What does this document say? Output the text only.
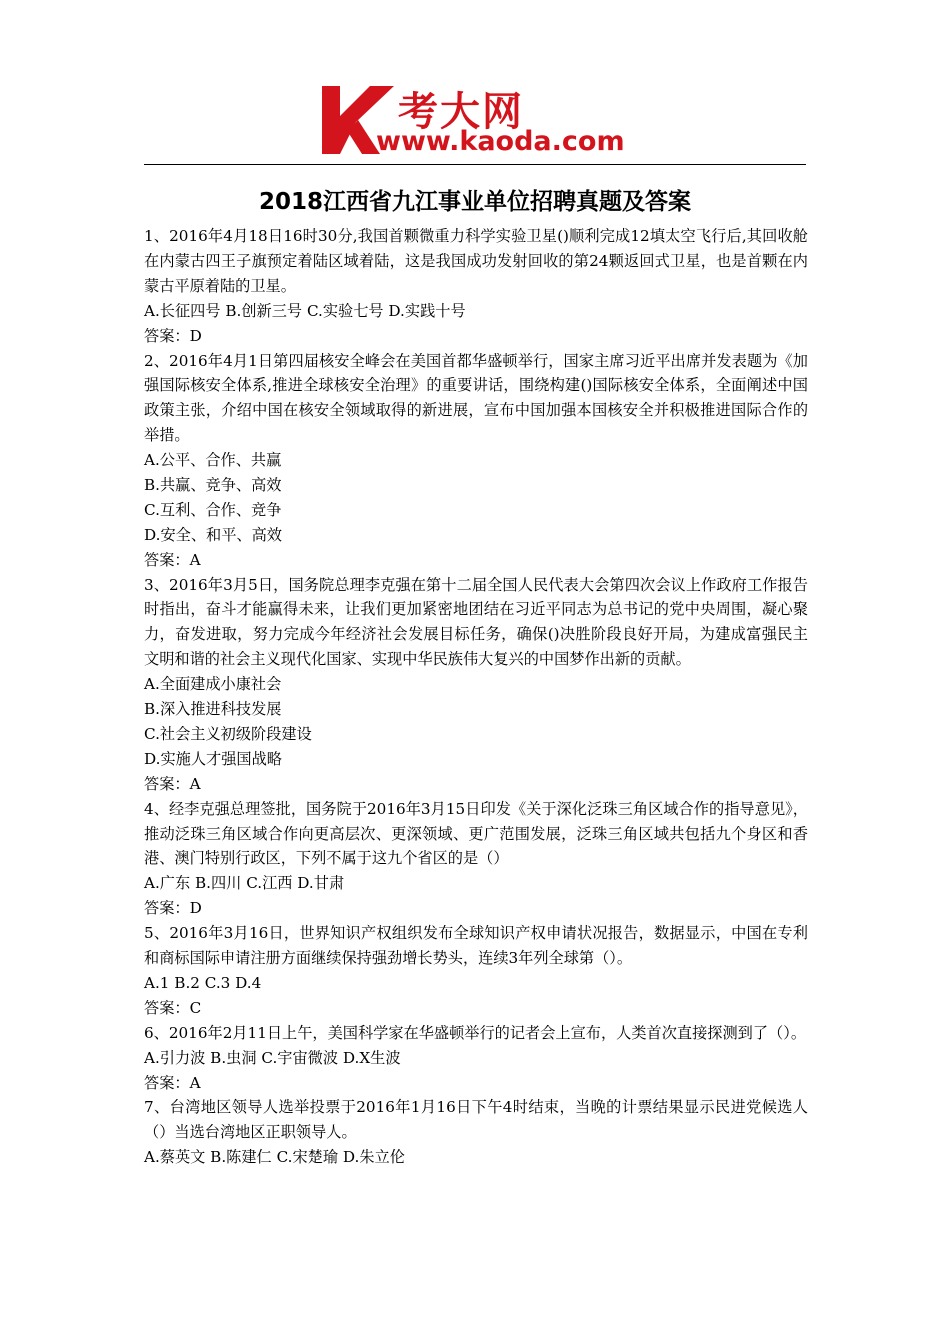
考大网
www.kaoda.com
2018江西省九江事业单位招聘真题及答案
1、2016年4月18日16时30分,我国首颗微重力科学实验卫星()顺利完成12填太空飞行后,其回收舱在内蒙古四王子旗预定着陆区域着陆，这是我国成功发射回收的第24颗返回式卫星，也是首颗在内蒙古平原着陆的卫星。
A.长征四号 B.创新三号 C.实验七号 D.实践十号
答案：D
2、2016年4月1日第四届核安全峰会在美国首都华盛顿举行，国家主席习近平出席并发表题为《加强国际核安全体系,推进全球核安全治理》的重要讲话，围绕构建()国际核安全体系，全面阐述中国政策主张，介绍中国在核安全领域取得的新进展，宣布中国加强本国核安全并积极推进国际合作的举措。
A.公平、合作、共赢
B.共赢、竞争、高效
C.互利、合作、竞争
D.安全、和平、高效
答案：A
3、2016年3月5日，国务院总理李克强在第十二届全国人民代表大会第四次会议上作政府工作报告时指出，奋斗才能赢得未来，让我们更加紧密地团结在习近平同志为总书记的党中央周围，凝心聚力，奋发进取，努力完成今年经济社会发展目标任务，确保()决胜阶段良好开局，为建成富强民主文明和谐的社会主义现代化国家、实现中华民族伟大复兴的中国梦作出新的贡献。
A.全面建成小康社会
B.深入推进科技发展
C.社会主义初级阶段建设
D.实施人才强国战略
答案：A
4、经李克强总理签批，国务院于2016年3月15日印发《关于深化泛珠三角区域合作的指导意见》，推动泛珠三角区域合作向更高层次、更深领域、更广范围发展，泛珠三角区域共包括九个身区和香港、澳门特别行政区，下列不属于这九个省区的是（）
A.广东 B.四川 C.江西 D.甘肃
答案：D
5、2016年3月16日，世界知识产权组织发布全球知识产权申请状况报告，数据显示，中国在专利和商标国际申请注册方面继续保持强劲增长势头，连续3年列全球第（）。
A.1 B.2 C.3 D.4
答案：C
6、2016年2月11日上午，美国科学家在华盛顿举行的记者会上宣布，人类首次直接探测到了（）。
A.引力波 B.虫洞 C.宇宙微波 D.X生波
答案：A
7、台湾地区领导人选举投票于2016年1月16日下午4时结束，当晚的计票结果显示民进党候选人（）当选台湾地区正职领导人。
A.蔡英文 B.陈建仁 C.宋楚瑜 D.朱立伦
